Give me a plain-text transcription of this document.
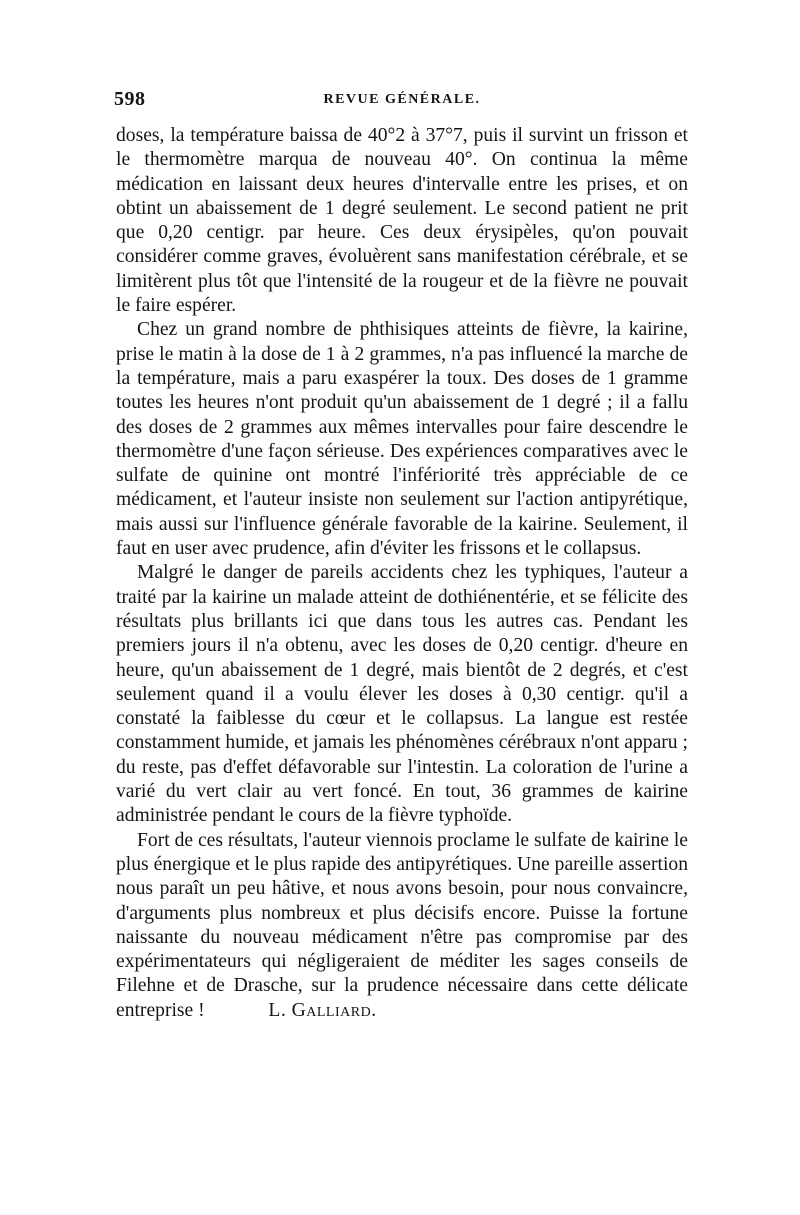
598	REVUE GÉNÉRALE.

doses, la température baissa de 40°2 à 37°7, puis il survint un frisson et le thermomètre marqua de nouveau 40°. On continua la même médication en laissant deux heures d'intervalle entre les prises, et on obtint un abaissement de 1 degré seulement. Le second patient ne prit que 0,20 centigr. par heure. Ces deux érysipèles, qu'on pouvait considérer comme graves, évoluèrent sans manifestation cérébrale, et se limitèrent plus tôt que l'intensité de la rougeur et de la fièvre ne pouvait le faire espérer.

Chez un grand nombre de phthisiques atteints de fièvre, la kairine, prise le matin à la dose de 1 à 2 grammes, n'a pas influencé la marche de la température, mais a paru exaspérer la toux. Des doses de 1 gramme toutes les heures n'ont produit qu'un abaissement de 1 degré ; il a fallu des doses de 2 grammes aux mêmes intervalles pour faire descendre le thermomètre d'une façon sérieuse. Des expériences comparatives avec le sulfate de quinine ont montré l'infériorité très appréciable de ce médicament, et l'auteur insiste non seulement sur l'action antipyrétique, mais aussi sur l'influence générale favorable de la kairine. Seulement, il faut en user avec prudence, afin d'éviter les frissons et le collapsus.

Malgré le danger de pareils accidents chez les typhiques, l'auteur a traité par la kairine un malade atteint de dothiénentérie, et se félicite des résultats plus brillants ici que dans tous les autres cas. Pendant les premiers jours il n'a obtenu, avec les doses de 0,20 centigr. d'heure en heure, qu'un abaissement de 1 degré, mais bientôt de 2 degrés, et c'est seulement quand il a voulu élever les doses à 0,30 centigr. qu'il a constaté la faiblesse du cœur et le collapsus. La langue est restée constamment humide, et jamais les phénomènes cérébraux n'ont apparu ; du reste, pas d'effet défavorable sur l'intestin. La coloration de l'urine a varié du vert clair au vert foncé. En tout, 36 grammes de kairine administrée pendant le cours de la fièvre typhoïde.

Fort de ces résultats, l'auteur viennois proclame le sulfate de kairine le plus énergique et le plus rapide des antipyrétiques. Une pareille assertion nous paraît un peu hâtive, et nous avons besoin, pour nous convaincre, d'arguments plus nombreux et plus décisifs encore. Puisse la fortune naissante du nouveau médicament n'être pas compromise par des expérimentateurs qui négligeraient de méditer les sages conseils de Filehne et de Drasche, sur la prudence nécessaire dans cette délicate entreprise !	L. Galliard.
